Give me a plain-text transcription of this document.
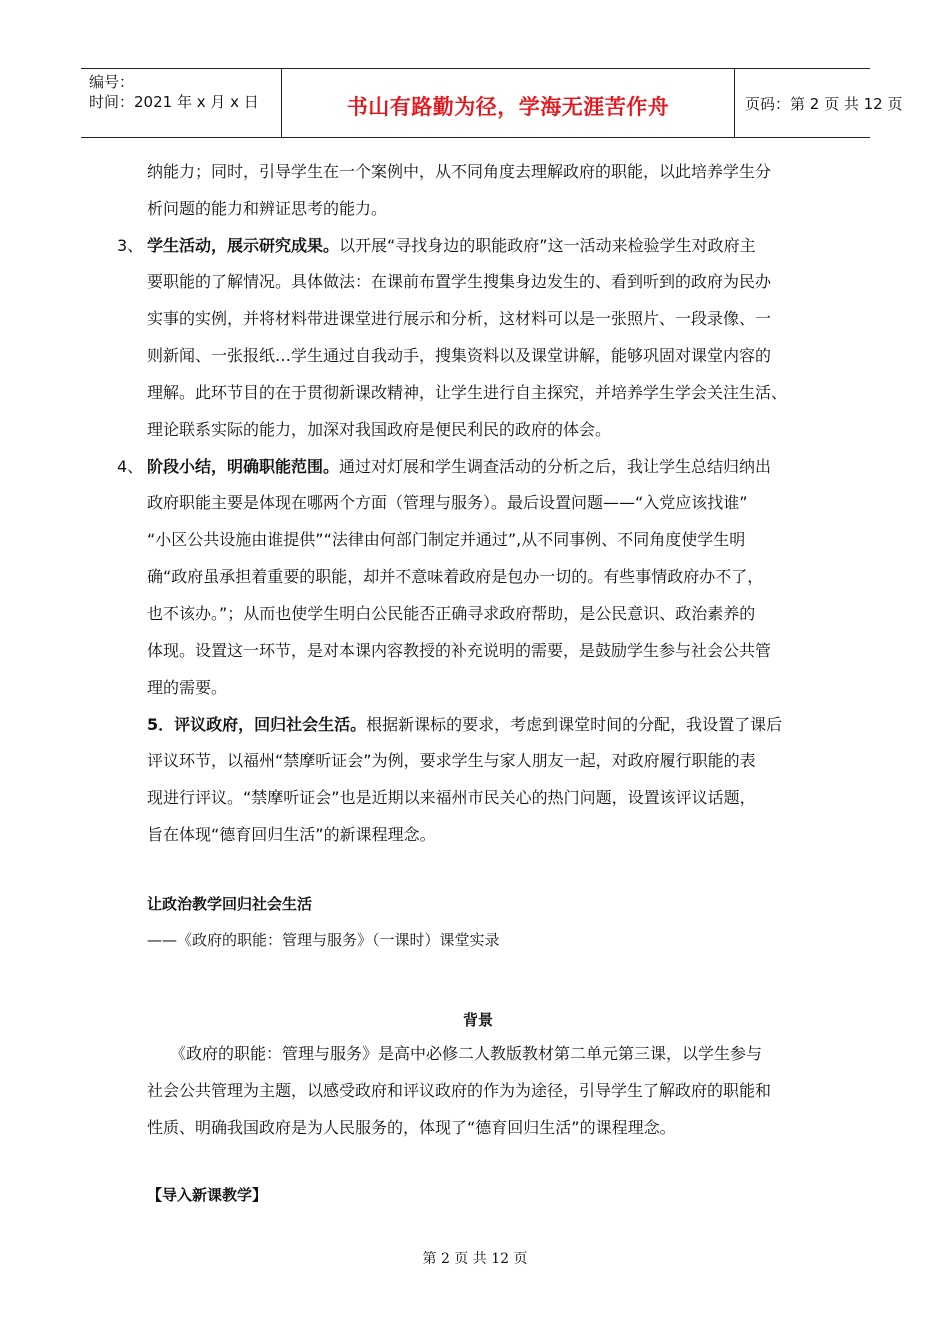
编号：
时间：2021 年 x 月 x 日	书山有路勤为径，学海无涯苦作舟	页码：第 2 页 共 12 页
纳能力；同时，引导学生在一个案例中，从不同角度去理解政府的职能，以此培养学生分
析问题的能力和辨证思考的能力。
3、 学生活动，展示研究成果。以开展“寻找身边的职能政府”这一活动来检验学生对政府主
要职能的了解情况。具体做法：在课前布置学生搜集身边发生的、看到听到的政府为民办
实事的实例，并将材料带进课堂进行展示和分析，这材料可以是一张照片、一段录像、一
则新闻、一张报纸…学生通过自我动手，搜集资料以及课堂讲解，能够巩固对课堂内容的
理解。此环节目的在于贯彻新课改精神，让学生进行自主探究，并培养学生学会关注生活、
理论联系实际的能力，加深对我国政府是便民利民的政府的体会。
4、 阶段小结，明确职能范围。通过对灯展和学生调查活动的分析之后，我让学生总结归纳出
政府职能主要是体现在哪两个方面（管理与服务）。最后设置问题——“入党应该找谁”
“小区公共设施由谁提供”“法律由何部门制定并通过”,从不同事例、不同角度使学生明
确“政府虽承担着重要的职能，却并不意味着政府是包办一切的。有些事情政府办不了，
也不该办。”；从而也使学生明白公民能否正确寻求政府帮助，是公民意识、政治素养的
体现。设置这一环节，是对本课内容教授的补充说明的需要，是鼓励学生参与社会公共管
理的需要。
5．评议政府，回归社会生活。根据新课标的要求，考虑到课堂时间的分配，我设置了课后
评议环节，以福州“禁摩听证会”为例，要求学生与家人朋友一起，对政府履行职能的表
现进行评议。“禁摩听证会”也是近期以来福州市民关心的热门问题，设置该评议话题，
旨在体现“德育回归生活”的新课程理念。
让政治教学回归社会生活
——《政府的职能：管理与服务》（一课时）课堂实录
背景
《政府的职能：管理与服务》是高中必修二人教版教材第二单元第三课，以学生参与
社会公共管理为主题，以感受政府和评议政府的作为为途径，引导学生了解政府的职能和
性质、明确我国政府是为人民服务的，体现了“德育回归生活”的课程理念。
【导入新课教学】
第 2 页 共 12 页
